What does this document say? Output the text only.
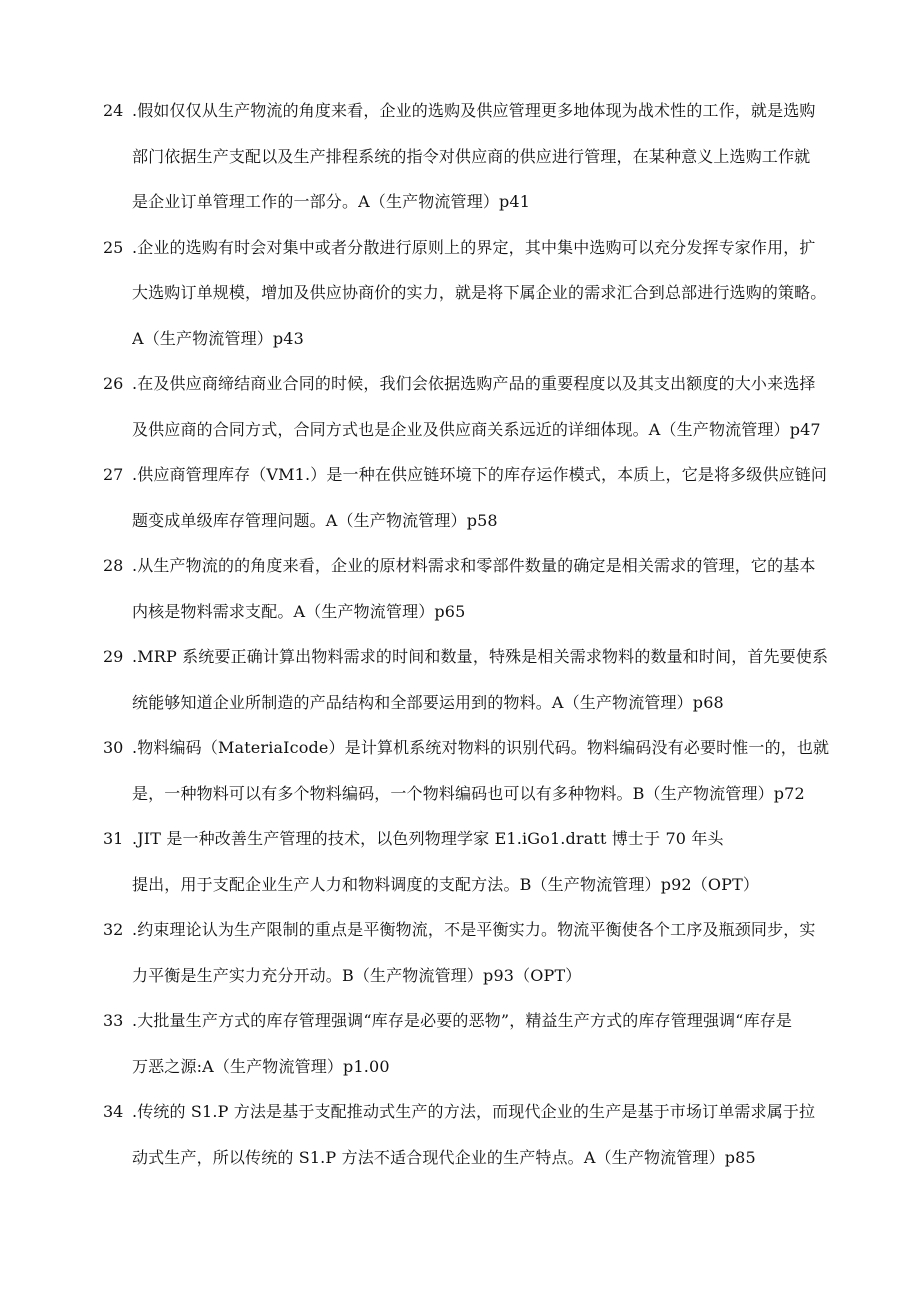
24 .假如仅仅从生产物流的角度来看，企业的选购及供应管理更多地体现为战术性的工作，就是选购
部门依据生产支配以及生产排程系统的指令对供应商的供应进行管理，在某种意义上选购工作就
是企业订单管理工作的一部分。A（生产物流管理）p41
25 .企业的选购有时会对集中或者分散进行原则上的界定，其中集中选购可以充分发挥专家作用，扩
大选购订单规模，增加及供应协商价的实力，就是将下属企业的需求汇合到总部进行选购的策略。
A（生产物流管理）p43
26 .在及供应商缔结商业合同的时候，我们会依据选购产品的重要程度以及其支出额度的大小来选择
及供应商的合同方式，合同方式也是企业及供应商关系远近的详细体现。A（生产物流管理）p47
27 .供应商管理库存（VM1.）是一种在供应链环境下的库存运作模式，本质上，它是将多级供应链问
题变成单级库存管理问题。A（生产物流管理）p58
28 .从生产物流的的角度来看，企业的原材料需求和零部件数量的确定是相关需求的管理，它的基本
内核是物料需求支配。A（生产物流管理）p65
29 .MRP 系统要正确计算出物料需求的时间和数量，特殊是相关需求物料的数量和时间，首先要使系
统能够知道企业所制造的产品结构和全部要运用到的物料。A（生产物流管理）p68
30 .物料编码（MateriaIcode）是计算机系统对物料的识别代码。物料编码没有必要时惟一的，也就
是，一种物料可以有多个物料编码，一个物料编码也可以有多种物料。B（生产物流管理）p72
31 .JIT 是一种改善生产管理的技术，以色列物理学家 E1.iGo1.dratt 博士于 70 年头
提出，用于支配企业生产人力和物料调度的支配方法。B（生产物流管理）p92（OPT）
32 .约束理论认为生产限制的重点是平衡物流，不是平衡实力。物流平衡使各个工序及瓶颈同步，实
力平衡是生产实力充分开动。B（生产物流管理）p93（OPT）
33 .大批量生产方式的库存管理强调“库存是必要的恶物”，精益生产方式的库存管理强调“库存是
万恶之源:A（生产物流管理）p1.00
34 .传统的 S1.P 方法是基于支配推动式生产的方法，而现代企业的生产是基于市场订单需求属于拉
动式生产，所以传统的 S1.P 方法不适合现代企业的生产特点。A（生产物流管理）p85
